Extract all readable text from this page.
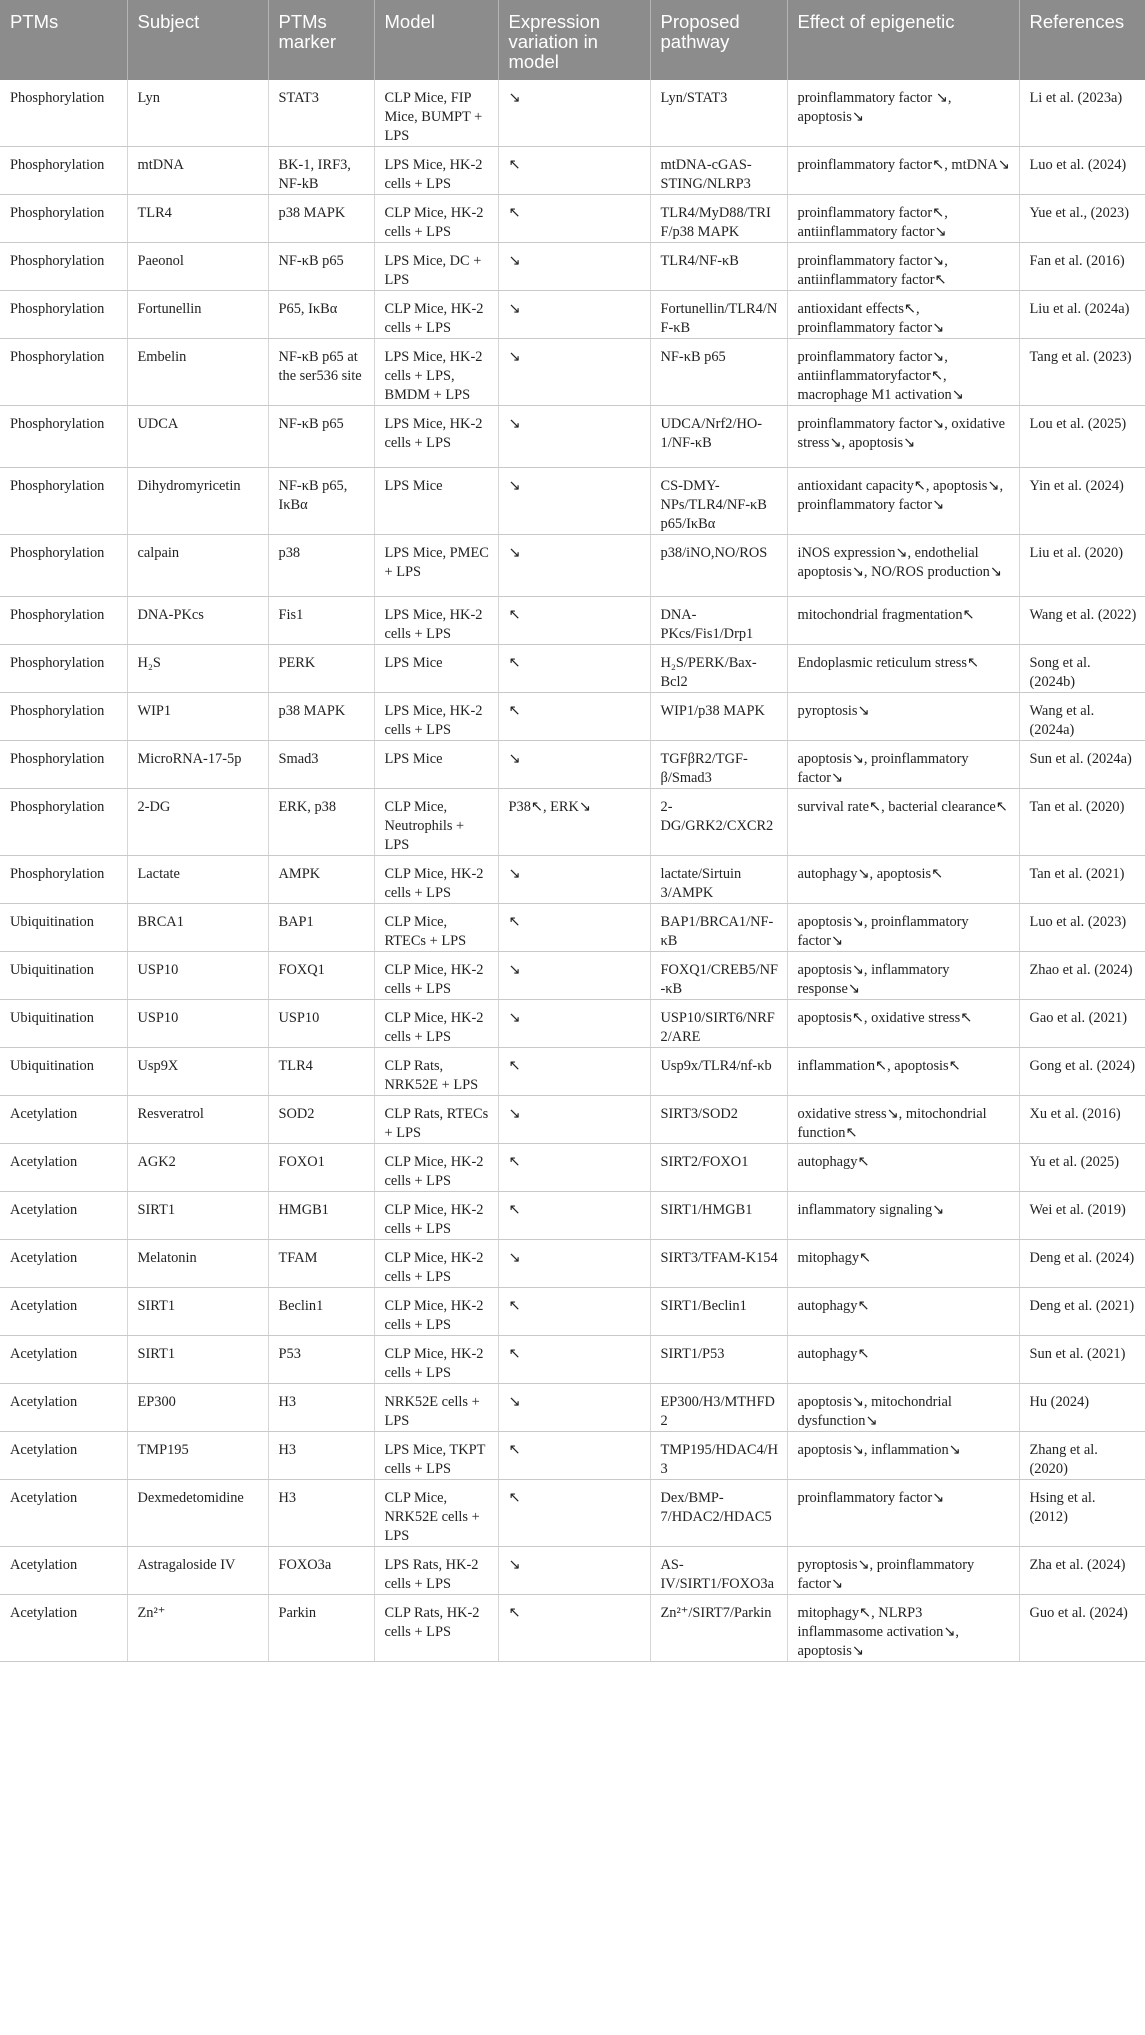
PTMs	Subject	PTMs marker	Model	Expression variation in model	Proposed pathway	Effect of epigenetic	References
Phosphorylation	Lyn	STAT3	CLP Mice, FIP Mice, BUMPT + LPS	↘	Lyn/STAT3	proinflammatory factor ↘, apoptosis↘	Li et al. (2023a)
Phosphorylation	mtDNA	BK-1, IRF3, NF-kB	LPS Mice, HK-2 cells + LPS	↖	mtDNA-cGAS-STING/NLRP3	proinflammatory factor↖, mtDNA↘	Luo et al. (2024)
Phosphorylation	TLR4	p38 MAPK	CLP Mice, HK-2 cells + LPS	↖	TLR4/MyD88/TRIF/p38 MAPK	proinflammatory factor↖, antiinflammatory factor↘	Yue et al., (2023)
Phosphorylation	Paeonol	NF-κB p65	LPS Mice, DC + LPS	↘	TLR4/NF-κB	proinflammatory factor↘, antiinflammatory factor↖	Fan et al. (2016)
Phosphorylation	Fortunellin	P65, IκBα	CLP Mice, HK-2 cells + LPS	↘	Fortunellin/TLR4/NF-κB	antioxidant effects↖, proinflammatory factor↘	Liu et al. (2024a)
Phosphorylation	Embelin	NF-κB p65 at the ser536 site	LPS Mice, HK-2 cells + LPS, BMDM + LPS	↘	NF-κB p65	proinflammatory factor↘, antiinflammatoryfactor↖, macrophage M1 activation↘	Tang et al. (2023)
Phosphorylation	UDCA	NF-κB p65	LPS Mice, HK-2 cells + LPS	↘	UDCA/Nrf2/HO-1/NF-κB	proinflammatory factor↘, oxidative stress↘, apoptosis↘	Lou et al. (2025)
Phosphorylation	Dihydromyricetin	NF-κB p65, IκBα	LPS Mice	↘	CS-DMY-NPs/TLR4/NF-κB p65/IκBα	antioxidant capacity↖, apoptosis↘, proinflammatory factor↘	Yin et al. (2024)
Phosphorylation	calpain	p38	LPS Mice, PMEC + LPS	↘	p38/iNO,NO/ROS	iNOS expression↘, endothelial apoptosis↘, NO/ROS production↘	Liu et al. (2020)
Phosphorylation	DNA-PKcs	Fis1	LPS Mice, HK-2 cells + LPS	↖	DNA-PKcs/Fis1/Drp1	mitochondrial fragmentation↖	Wang et al. (2022)
Phosphorylation	H₂S	PERK	LPS Mice	↖	H₂S/PERK/Bax-Bcl2	Endoplasmic reticulum stress↖	Song et al. (2024b)
Phosphorylation	WIP1	p38 MAPK	LPS Mice, HK-2 cells + LPS	↖	WIP1/p38 MAPK	pyroptosis↘	Wang et al. (2024a)
Phosphorylation	MicroRNA-17-5p	Smad3	LPS Mice	↘	TGFβR2/TGF-β/Smad3	apoptosis↘, proinflammatory factor↘	Sun et al. (2024a)
Phosphorylation	2-DG	ERK, p38	CLP Mice, Neutrophils + LPS	P38↖, ERK↘	2-DG/GRK2/CXCR2	survival rate↖, bacterial clearance↖	Tan et al. (2020)
Phosphorylation	Lactate	AMPK	CLP Mice, HK-2 cells + LPS	↘	lactate/Sirtuin 3/AMPK	autophagy↘, apoptosis↖	Tan et al. (2021)
Ubiquitination	BRCA1	BAP1	CLP Mice, RTECs + LPS	↖	BAP1/BRCA1/NF-κB	apoptosis↘, proinflammatory factor↘	Luo et al. (2023)
Ubiquitination	USP10	FOXQ1	CLP Mice, HK-2 cells + LPS	↘	FOXQ1/CREB5/NF-κB	apoptosis↘, inflammatory response↘	Zhao et al. (2024)
Ubiquitination	USP10	USP10	CLP Mice, HK-2 cells + LPS	↘	USP10/SIRT6/NRF2/ARE	apoptosis↖, oxidative stress↖	Gao et al. (2021)
Ubiquitination	Usp9X	TLR4	CLP Rats, NRK52E + LPS	↖	Usp9x/TLR4/nf-κb	inflammation↖, apoptosis↖	Gong et al. (2024)
Acetylation	Resveratrol	SOD2	CLP Rats, RTECs + LPS	↘	SIRT3/SOD2	oxidative stress↘, mitochondrial function↖	Xu et al. (2016)
Acetylation	AGK2	FOXO1	CLP Mice, HK-2 cells + LPS	↖	SIRT2/FOXO1	autophagy↖	Yu et al. (2025)
Acetylation	SIRT1	HMGB1	CLP Mice, HK-2 cells + LPS	↖	SIRT1/HMGB1	inflammatory signaling↘	Wei et al. (2019)
Acetylation	Melatonin	TFAM	CLP Mice, HK-2 cells + LPS	↘	SIRT3/TFAM-K154	mitophagy↖	Deng et al. (2024)
Acetylation	SIRT1	Beclin1	CLP Mice, HK-2 cells + LPS	↖	SIRT1/Beclin1	autophagy↖	Deng et al. (2021)
Acetylation	SIRT1	P53	CLP Mice, HK-2 cells + LPS	↖	SIRT1/P53	autophagy↖	Sun et al. (2021)
Acetylation	EP300	H3	NRK52E cells + LPS	↘	EP300/H3/MTHFD2	apoptosis↘, mitochondrial dysfunction↘	Hu (2024)
Acetylation	TMP195	H3	LPS Mice, TKPT cells + LPS	↖	TMP195/HDAC4/H3	apoptosis↘, inflammation↘	Zhang et al. (2020)
Acetylation	Dexmedetomidine	H3	CLP Mice, NRK52E cells + LPS	↖	Dex/BMP-7/HDAC2/HDAC5	proinflammatory factor↘	Hsing et al. (2012)
Acetylation	Astragaloside IV	FOXO3a	LPS Rats, HK-2 cells + LPS	↘	AS-IV/SIRT1/FOXO3a	pyroptosis↘, proinflammatory factor↘	Zha et al. (2024)
Acetylation	Zn²⁺	Parkin	CLP Rats, HK-2 cells + LPS	↖	Zn²⁺/SIRT7/Parkin	mitophagy↖, NLRP3 inflammasome activation↘, apoptosis↘	Guo et al. (2024)
